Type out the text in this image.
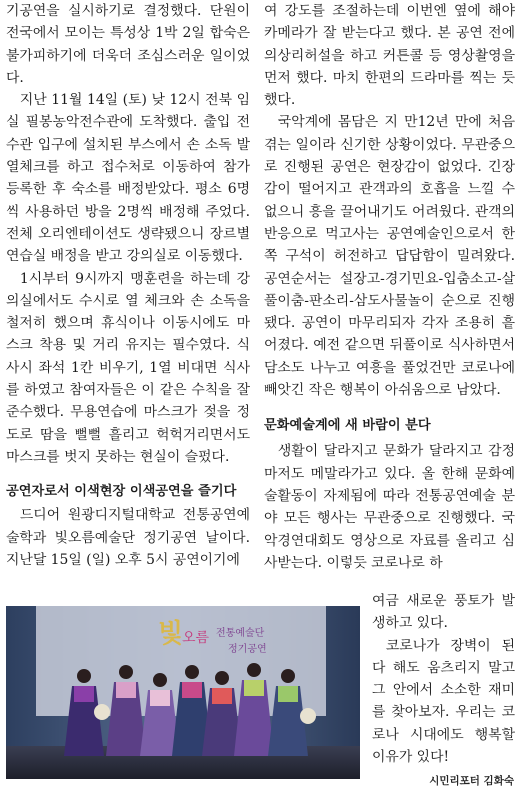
기공연을 실시하기로 결정했다. 단원이 전국에서 모이는 특성상 1박 2일 합숙은 불가피하기에 더욱더 조심스러운 일이었다.

지난 11월 14일 (토) 낮 12시 전북 임실 필봉농악전수관에 도착했다. 출입 전수관 입구에 설치된 부스에서 손 소독 발열체크를 하고 접수처로 이동하여 참가등록한 후 숙소를 배정받았다. 평소 6명씩 사용하던 방을 2명씩 배정해 주었다. 전체 오리엔테이션도 생략됐으니 장르별 연습실 배정을 받고 강의실로 이동했다.

1시부터 9시까지 맹훈련을 하는데 강의실에서도 수시로 열 체크와 손 소독을 철저히 했으며 휴식이나 이동시에도 마스크 착용 및 거리 유지는 필수였다. 식사시 좌석 1칸 비우기, 1열 비대면 식사를 하였고 참여자들은 이 같은 수칙을 잘 준수했다. 무용연습에 마스크가 젖을 정도로 땀을 뻘뻘 흘리고 헉헉거리면서도 마스크를 벗지 못하는 현실이 슬펐다.

공연자로서 이색현장 이색공연을 즐기다

드디어 원광디지털대학교 전통공연예술학과 빛오름예술단 정기공연 날이다. 지난달 15일 (일) 오후 5시 공연이기에

여 강도를 조절하는데 이번엔 옆에 해야 카메라가 잘 받는다고 했다. 본 공연 전에 의상리허설을 하고 커튼콜 등 영상촬영을 먼저 했다. 마치 한편의 드라마를 찍는 듯했다.

국악계에 몸담은 지 만12년 만에 처음 겪는 일이라 신기한 상황이었다. 무관중으로 진행된 공연은 현장감이 없었다. 긴장감이 떨어지고 관객과의 호흡을 느낄 수 없으니 흥을 끌어내기도 어려웠다. 관객의 반응으로 먹고사는 공연예술인으로서 한쪽 구석이 허전하고 답답함이 밀려왔다. 공연순서는 설장고-경기민요-입춤소고-살풀이춤-판소리-삼도사물놀이 순으로 진행됐다. 공연이 마무리되자 각자 조용히 흩어졌다. 예전 같으면 뒤풀이로 식사하면서 담소도 나누고 여흥을 풀었건만 코로나에 빼앗긴 작은 행복이 아쉬움으로 남았다.

문화예술계에 새 바람이 분다

생활이 달라지고 문화가 달라지고 감정마저도 메말라가고 있다. 올 한해 문화예술활동이 자제됨에 따라 전통공연예술 분야 모든 행사는 무관중으로 진행했다. 국악경연대회도 영상으로 자료를 올리고 심사받는다. 이렇듯 코로나로 하

빛
오름 전통예술단
정기공연

여금 새로운 풍토가 발생하고 있다.

코로나가 장벽이 된다 해도 움츠리지 말고 그 안에서 소소한 재미를 찾아보자. 우리는 코로나 시대에도 행복할 이유가 있다!

시민리포터 김화숙
